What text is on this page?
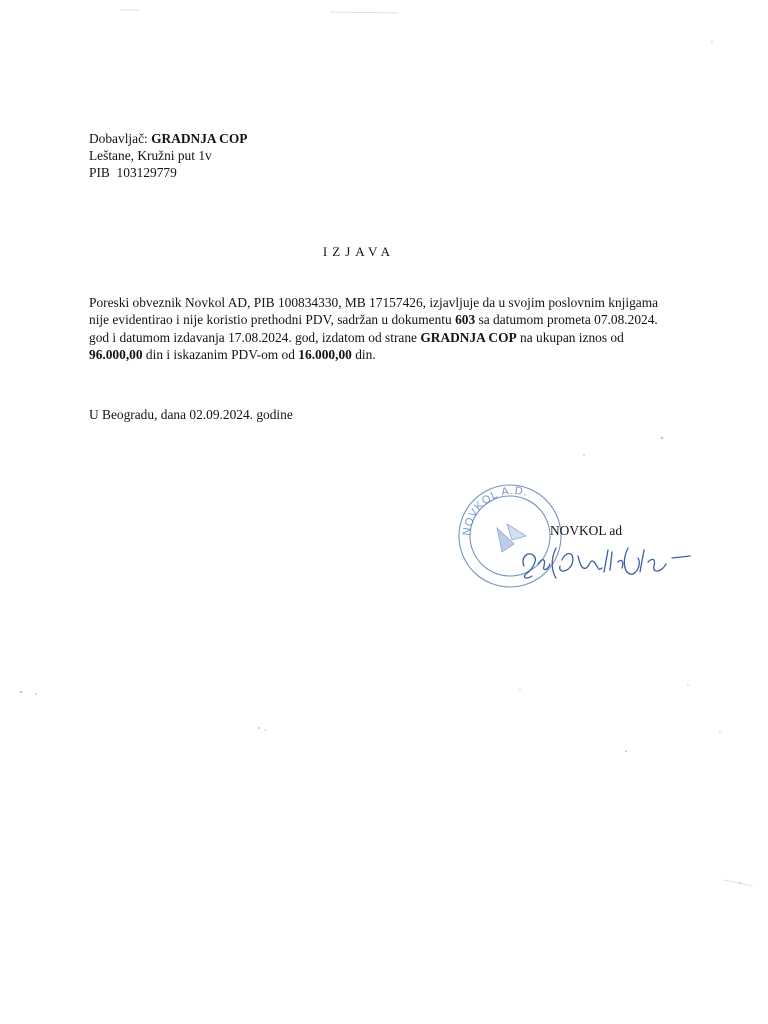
Dobavljač: GRADNJA COP
Leštane, Kružni put 1v
PIB 103129779
IZJAVA
Poreski obveznik Novkol AD, PIB 100834330, MB 17157426, izjavljuje da u svojim poslovnim knjigama nije evidentirao i nije koristio prethodni PDV, sadržan u dokumentu 603 sa datumom prometa 07.08.2024. god i datumom izdavanja 17.08.2024. god, izdatom od strane GRADNJA COP na ukupan iznos od 96.000,00 din i iskazanim PDV-om od 16.000,00 din.
U Beogradu, dana 02.09.2024. godine
NOVKOL A.D.
NOVKOL ad
